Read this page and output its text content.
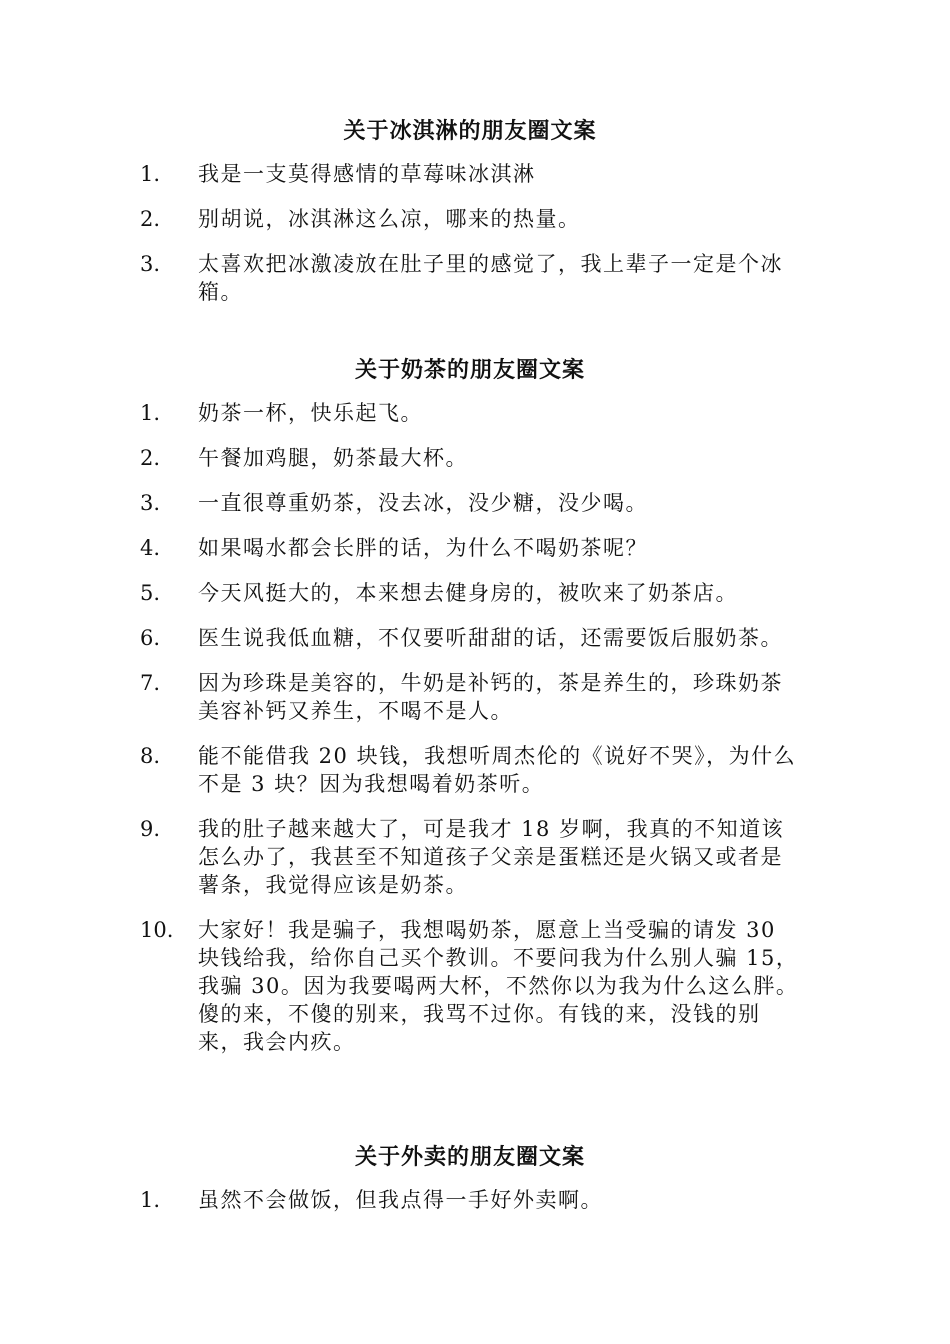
关于冰淇淋的朋友圈文案
1.	我是一支莫得感情的草莓味冰淇淋
2.	别胡说，冰淇淋这么凉，哪来的热量。
3.	太喜欢把冰激凌放在肚子里的感觉了，我上辈子一定是个冰箱。
关于奶茶的朋友圈文案
1.	奶茶一杯，快乐起飞。
2.	午餐加鸡腿，奶茶最大杯。
3.	一直很尊重奶茶，没去冰，没少糖，没少喝。
4.	如果喝水都会长胖的话，为什么不喝奶茶呢？
5.	今天风挺大的，本来想去健身房的，被吹来了奶茶店。
6.	医生说我低血糖，不仅要听甜甜的话，还需要饭后服奶茶。
7.	因为珍珠是美容的，牛奶是补钙的，茶是养生的，珍珠奶茶美容补钙又养生，不喝不是人。
8.	能不能借我 20 块钱，我想听周杰伦的《说好不哭》，为什么不是 3 块？因为我想喝着奶茶听。
9.	我的肚子越来越大了，可是我才 18 岁啊，我真的不知道该怎么办了，我甚至不知道孩子父亲是蛋糕还是火锅又或者是薯条，我觉得应该是奶茶。
10.	大家好！我是骗子，我想喝奶茶，愿意上当受骗的请发 30 块钱给我，给你自己买个教训。不要问我为什么别人骗 15，我骗 30。因为我要喝两大杯，不然你以为我为什么这么胖。傻的来，不傻的别来，我骂不过你。有钱的来，没钱的别来，我会内疚。
关于外卖的朋友圈文案
1.	虽然不会做饭，但我点得一手好外卖啊。
